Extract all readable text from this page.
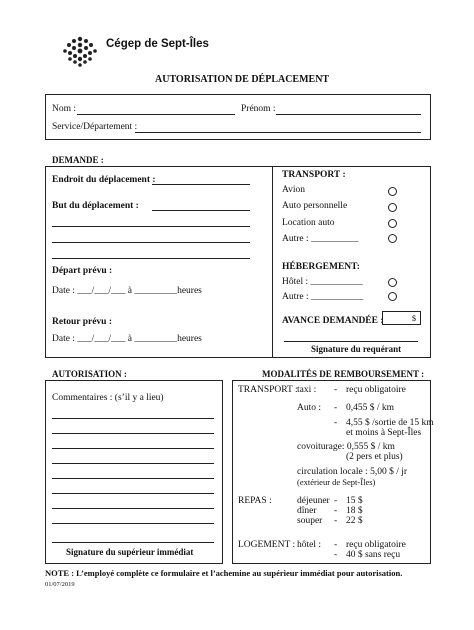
Cégep de Sept-Îles
AUTORISATION DE DÉPLACEMENT
Nom :	Prénom :
Service/Département :
DEMANDE :
Endroit du déplacement :
But du déplacement :
Départ prévu :
Date : ___/___/___ à _________heures
Retour prévu :
Date : ___/___/___ à _________heures
TRANSPORT :
Avion
Auto personnelle
Location auto
Autre : __________
HÉBERGEMENT:
Hôtel : ___________
Autre : ___________
AVANCE DEMANDÉE :	$
Signature du requérant
AUTORISATION :
Commentaires : (s’il y a lieu)
Signature du supérieur immédiat
MODALITÉS DE REMBOURSEMENT :
TRANSPORT : taxi : - reçu obligatoire
Auto : - 0,455 $ / km
- 4,55 $ /sortie de 15 km
et moins à Sept-Îles
covoiturage: 0,555 $ / km
(2 pers et plus)
circulation locale : 5,00 $ / jr
(extérieur de Sept-Îles)
REPAS :	déjeuner - 15 $
dîner - 18 $
souper - 22 $
LOGEMENT : hôtel : - reçu obligatoire
- 40 $ sans reçu
NOTE : L’employé complète ce formulaire et l’achemine au supérieur immédiat pour autorisation.
01/07/2019
